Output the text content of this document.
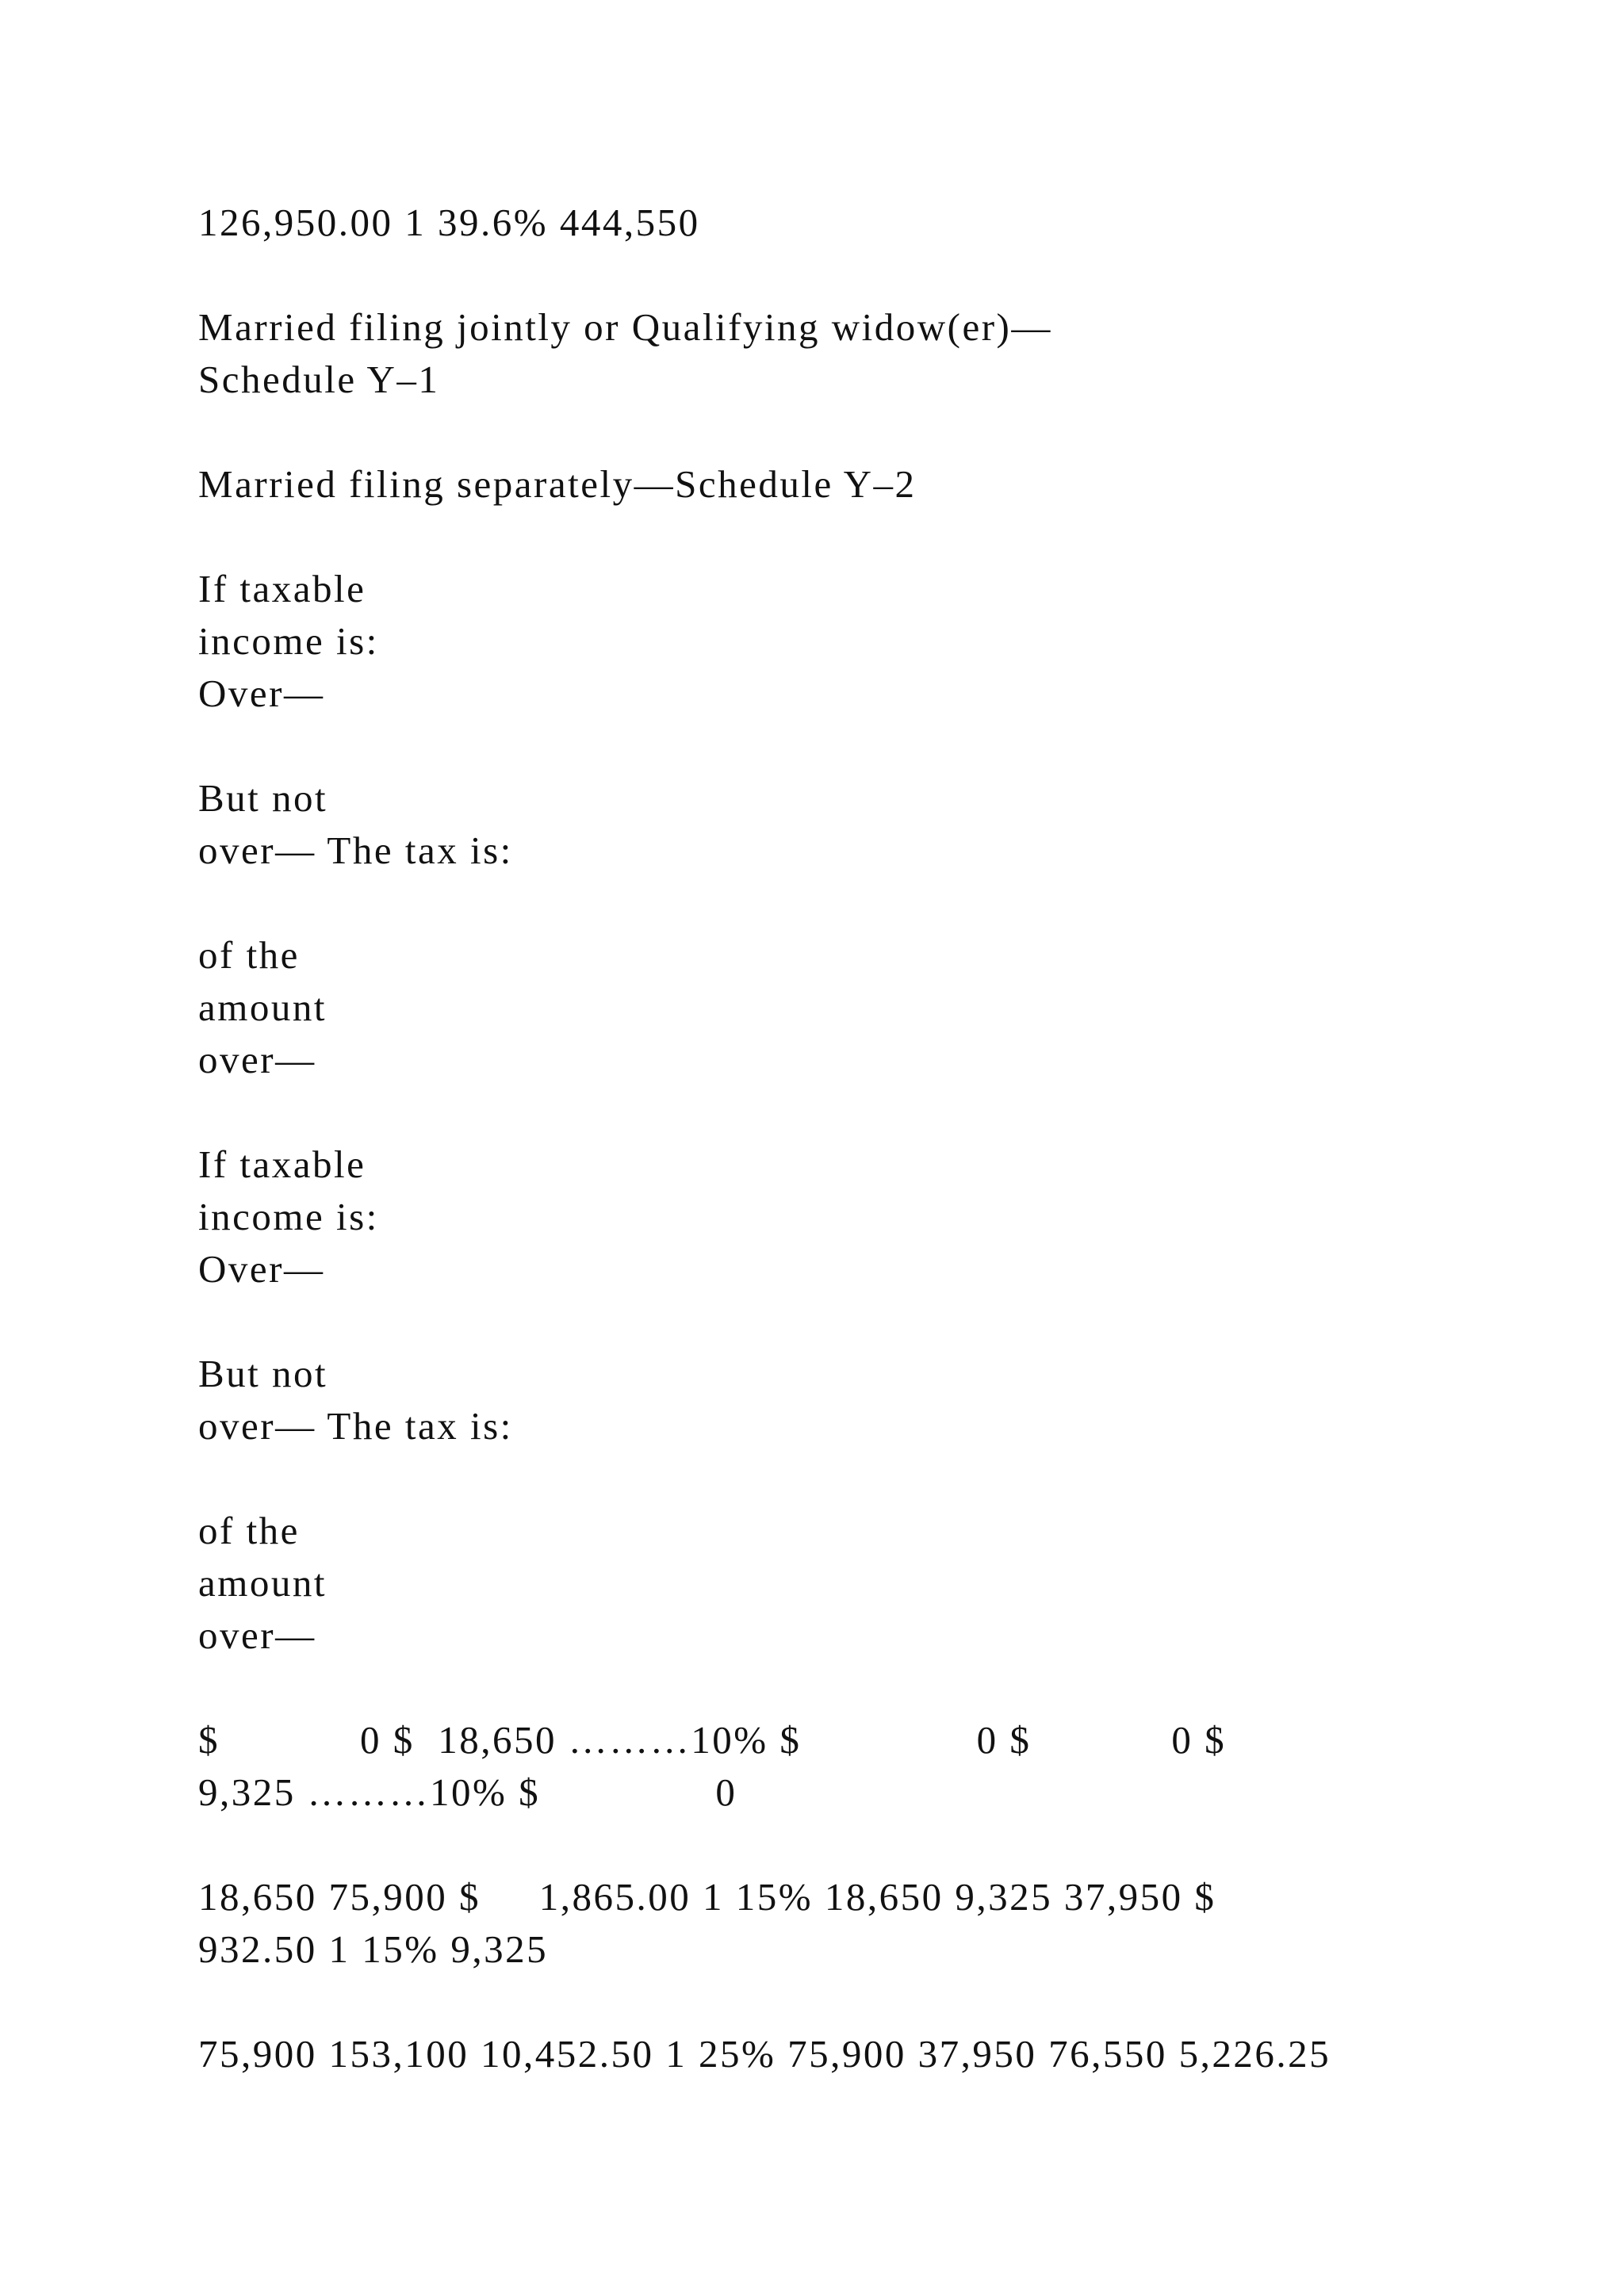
126,950.00 1 39.6% 444,550

Married filing jointly or Qualifying widow(er)—
Schedule Y–1

Married filing separately—Schedule Y–2

If taxable
income is:
Over—

But not
over— The tax is:

of the
amount
over—

If taxable
income is:
Over—

But not
over— The tax is:

of the
amount
over—

$            0 $  18,650 ………10% $               0 $            0 $
9,325 ………10% $               0

18,650 75,900 $     1,865.00 1 15% 18,650 9,325 37,950 $
932.50 1 15% 9,325

75,900 153,100 10,452.50 1 25% 75,900 37,950 76,550 5,226.25
